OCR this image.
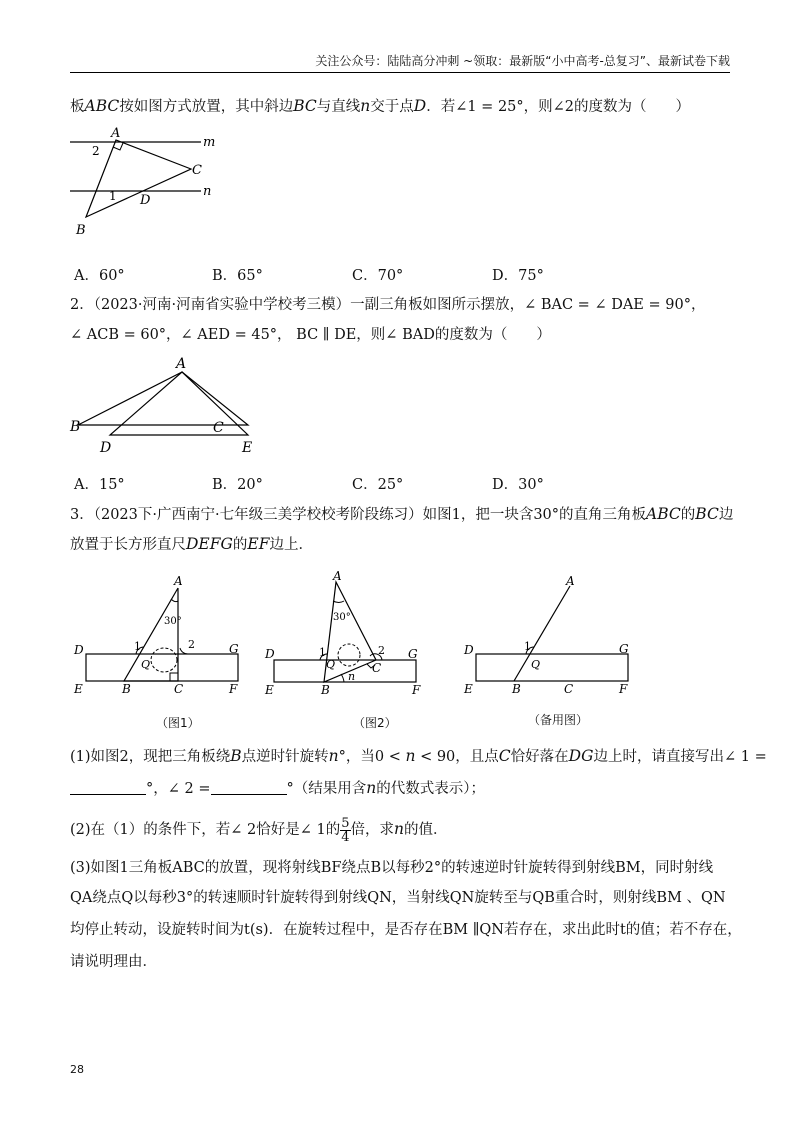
关注公众号：陆陆高分冲刺 ~领取：最新版“小中高考-总复习”、最新试卷下载
板ABC按如图方式放置，其中斜边BC与直线n交于点D．若∠1 = 25°，则∠2的度数为（　　）
A
B
C
D
m
n
1
2
A．60°	B．65°	C．70°	D．75°
2．（2023·河南·河南省实验中学校考三模）一副三角板如图所示摆放，∠ BAC = ∠ DAE = 90°，
∠ ACB = 60°，∠ AED = 45°， BC ∥ DE，则∠ BAD的度数为（　　）
A
B	C
D	E
A．15°	B．20°	C．25°	D．30°
3．（2023下·广西南宁·七年级三美学校校考阶段练习）如图1，把一块含30°的直角三角板ABC的BC边
放置于长方形直尺DEFG的EF边上．
A
B	C
D
E	F
G
Q
1	2
30°
（图1）
A
B
C
D
E	F
G
Q
1	2
n
30°
（图2）
A
B	C
D
E	F
G
Q
1
（备用图）
(1)如图2，现把三角板绕B点逆时针旋转n°，当0 < n < 90，且点C恰好落在DG边上时，请直接写出∠ 1 =
°，∠ 2 =	°（结果用含n的代数式表示）；
(2)在（1）的条件下，若∠ 2恰好是∠ 1的 $\frac{5}{4}$ 倍，求n的值．
(3)如图1三角板ABC的放置，现将射线BF绕点B以每秒2°的转速逆时针旋转得到射线BM，同时射线
QA绕点Q以每秒3°的转速顺时针旋转得到射线QN，当射线QN旋转至与QB重合时，则射线BM 、QN
均停止转动，设旋转时间为t(s)．在旋转过程中，是否存在BM ∥QN若存在，求出此时t的值；若不存在，
请说明理由．
28
